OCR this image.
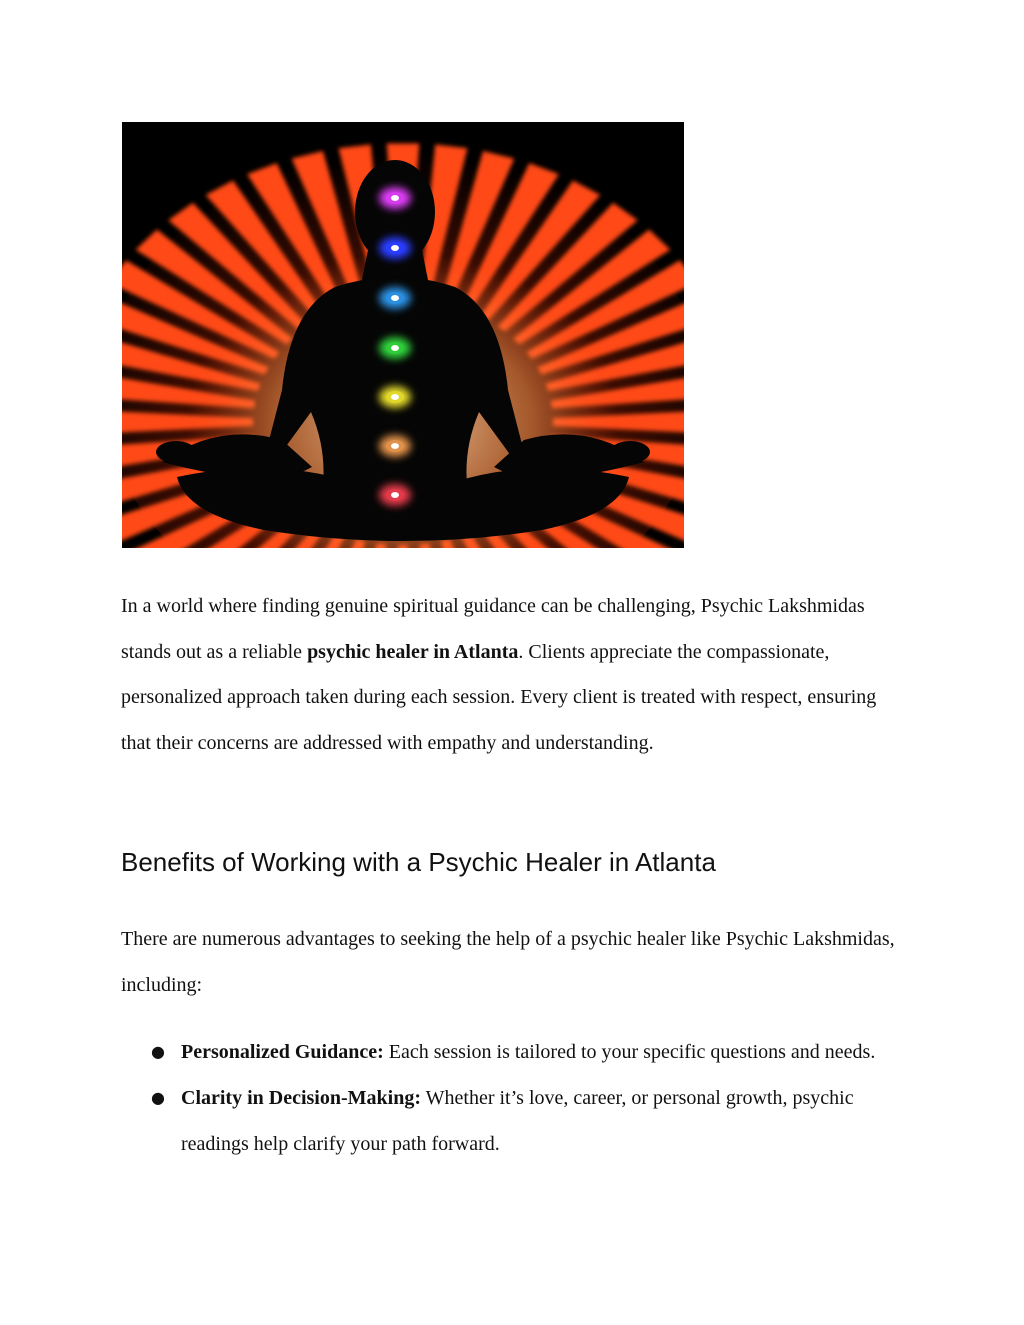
In a world where finding genuine spiritual guidance can be challenging, Psychic Lakshmidas stands out as a reliable psychic healer in Atlanta. Clients appreciate the compassionate, personalized approach taken during each session. Every client is treated with respect, ensuring that their concerns are addressed with empathy and understanding.

Benefits of Working with a Psychic Healer in Atlanta

There are numerous advantages to seeking the help of a psychic healer like Psychic Lakshmidas, including:

● Personalized Guidance: Each session is tailored to your specific questions and needs.
● Clarity in Decision-Making: Whether it’s love, career, or personal growth, psychic readings help clarify your path forward.
